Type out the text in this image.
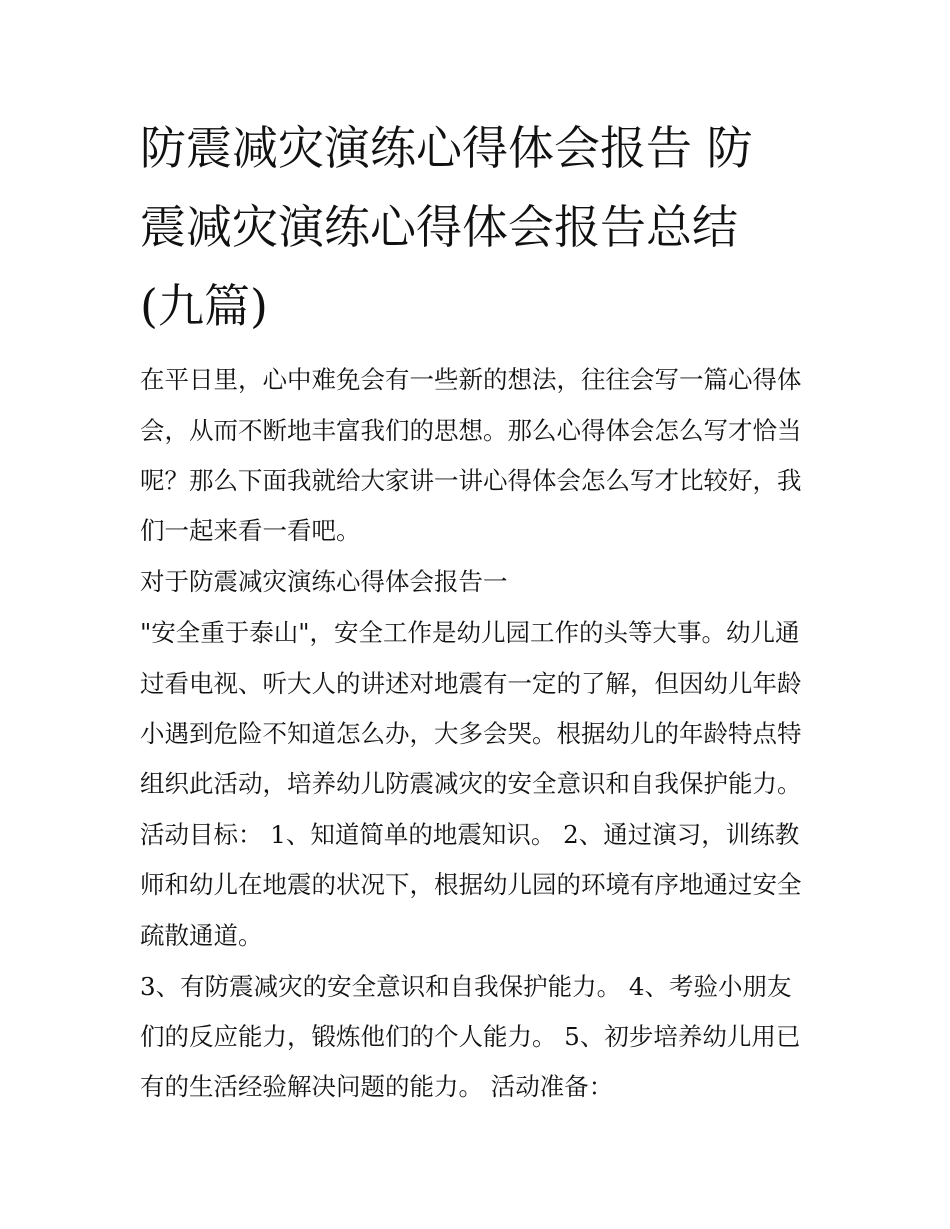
防震减灾演练心得体会报告 防
震减灾演练心得体会报告总结
(九篇)
在平日里，心中难免会有一些新的想法，往往会写一篇心得体
会，从而不断地丰富我们的思想。那么心得体会怎么写才恰当
呢？那么下面我就给大家讲一讲心得体会怎么写才比较好，我
们一起来看一看吧。
对于防震减灾演练心得体会报告一
"安全重于泰山"，安全工作是幼儿园工作的头等大事。幼儿通
过看电视、听大人的讲述对地震有一定的了解，但因幼儿年龄
小遇到危险不知道怎么办，大多会哭。根据幼儿的年龄特点特
组织此活动，培养幼儿防震减灾的安全意识和自我保护能力。
活动目标： 1、知道简单的地震知识。 2、通过演习，训练教
师和幼儿在地震的状况下，根据幼儿园的环境有序地通过安全
疏散通道。
3、有防震减灾的安全意识和自我保护能力。 4、考验小朋友
们的反应能力，锻炼他们的个人能力。 5、初步培养幼儿用已
有的生活经验解决问题的能力。 活动准备：
